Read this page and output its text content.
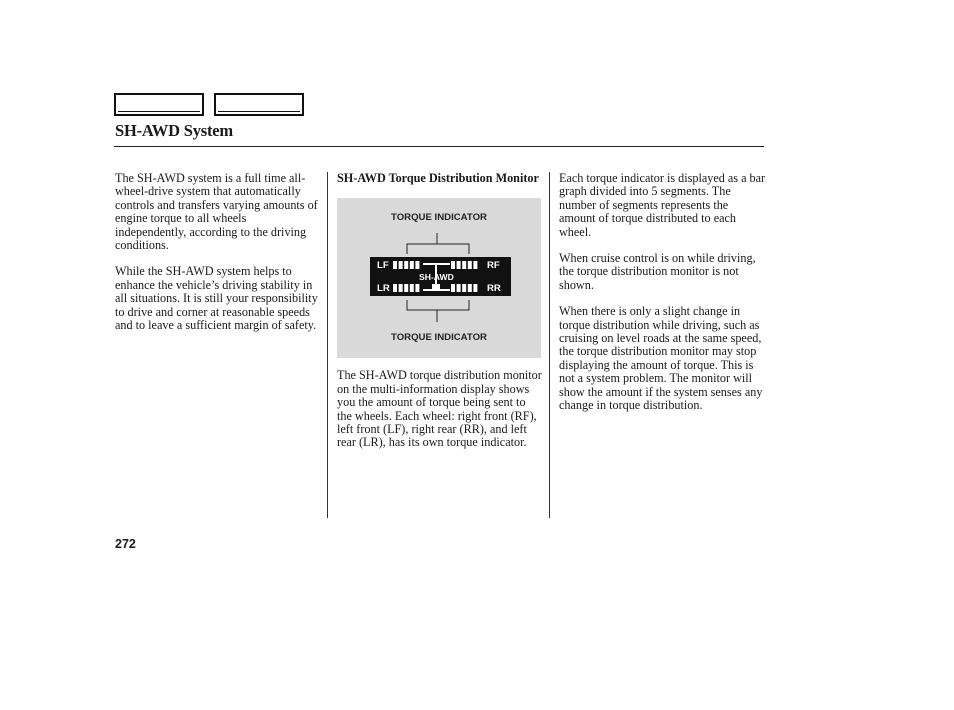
SH-AWD System

The SH-AWD system is a full time all-wheel-drive system that automatically controls and transfers varying amounts of engine torque to all wheels independently, according to the driving conditions.

While the SH-AWD system helps to enhance the vehicle’s driving stability in all situations. It is still your responsibility to drive and corner at reasonable speeds and to leave a sufficient margin of safety.

SH-AWD Torque Distribution Monitor
TORQUE INDICATOR
LF	RF
LR	RR
SH-AWD
TORQUE INDICATOR

The SH-AWD torque distribution monitor on the multi-information display shows you the amount of torque being sent to the wheels. Each wheel: right front (RF), left front (LF), right rear (RR), and left rear (LR), has its own torque indicator.

Each torque indicator is displayed as a bar graph divided into 5 segments. The number of segments represents the amount of torque distributed to each wheel.

When cruise control is on while driving, the torque distribution monitor is not shown.

When there is only a slight change in torque distribution while driving, such as cruising on level roads at the same speed, the torque distribution monitor may stop displaying the amount of torque. This is not a system problem. The monitor will show the amount if the system senses any change in torque distribution.

272
